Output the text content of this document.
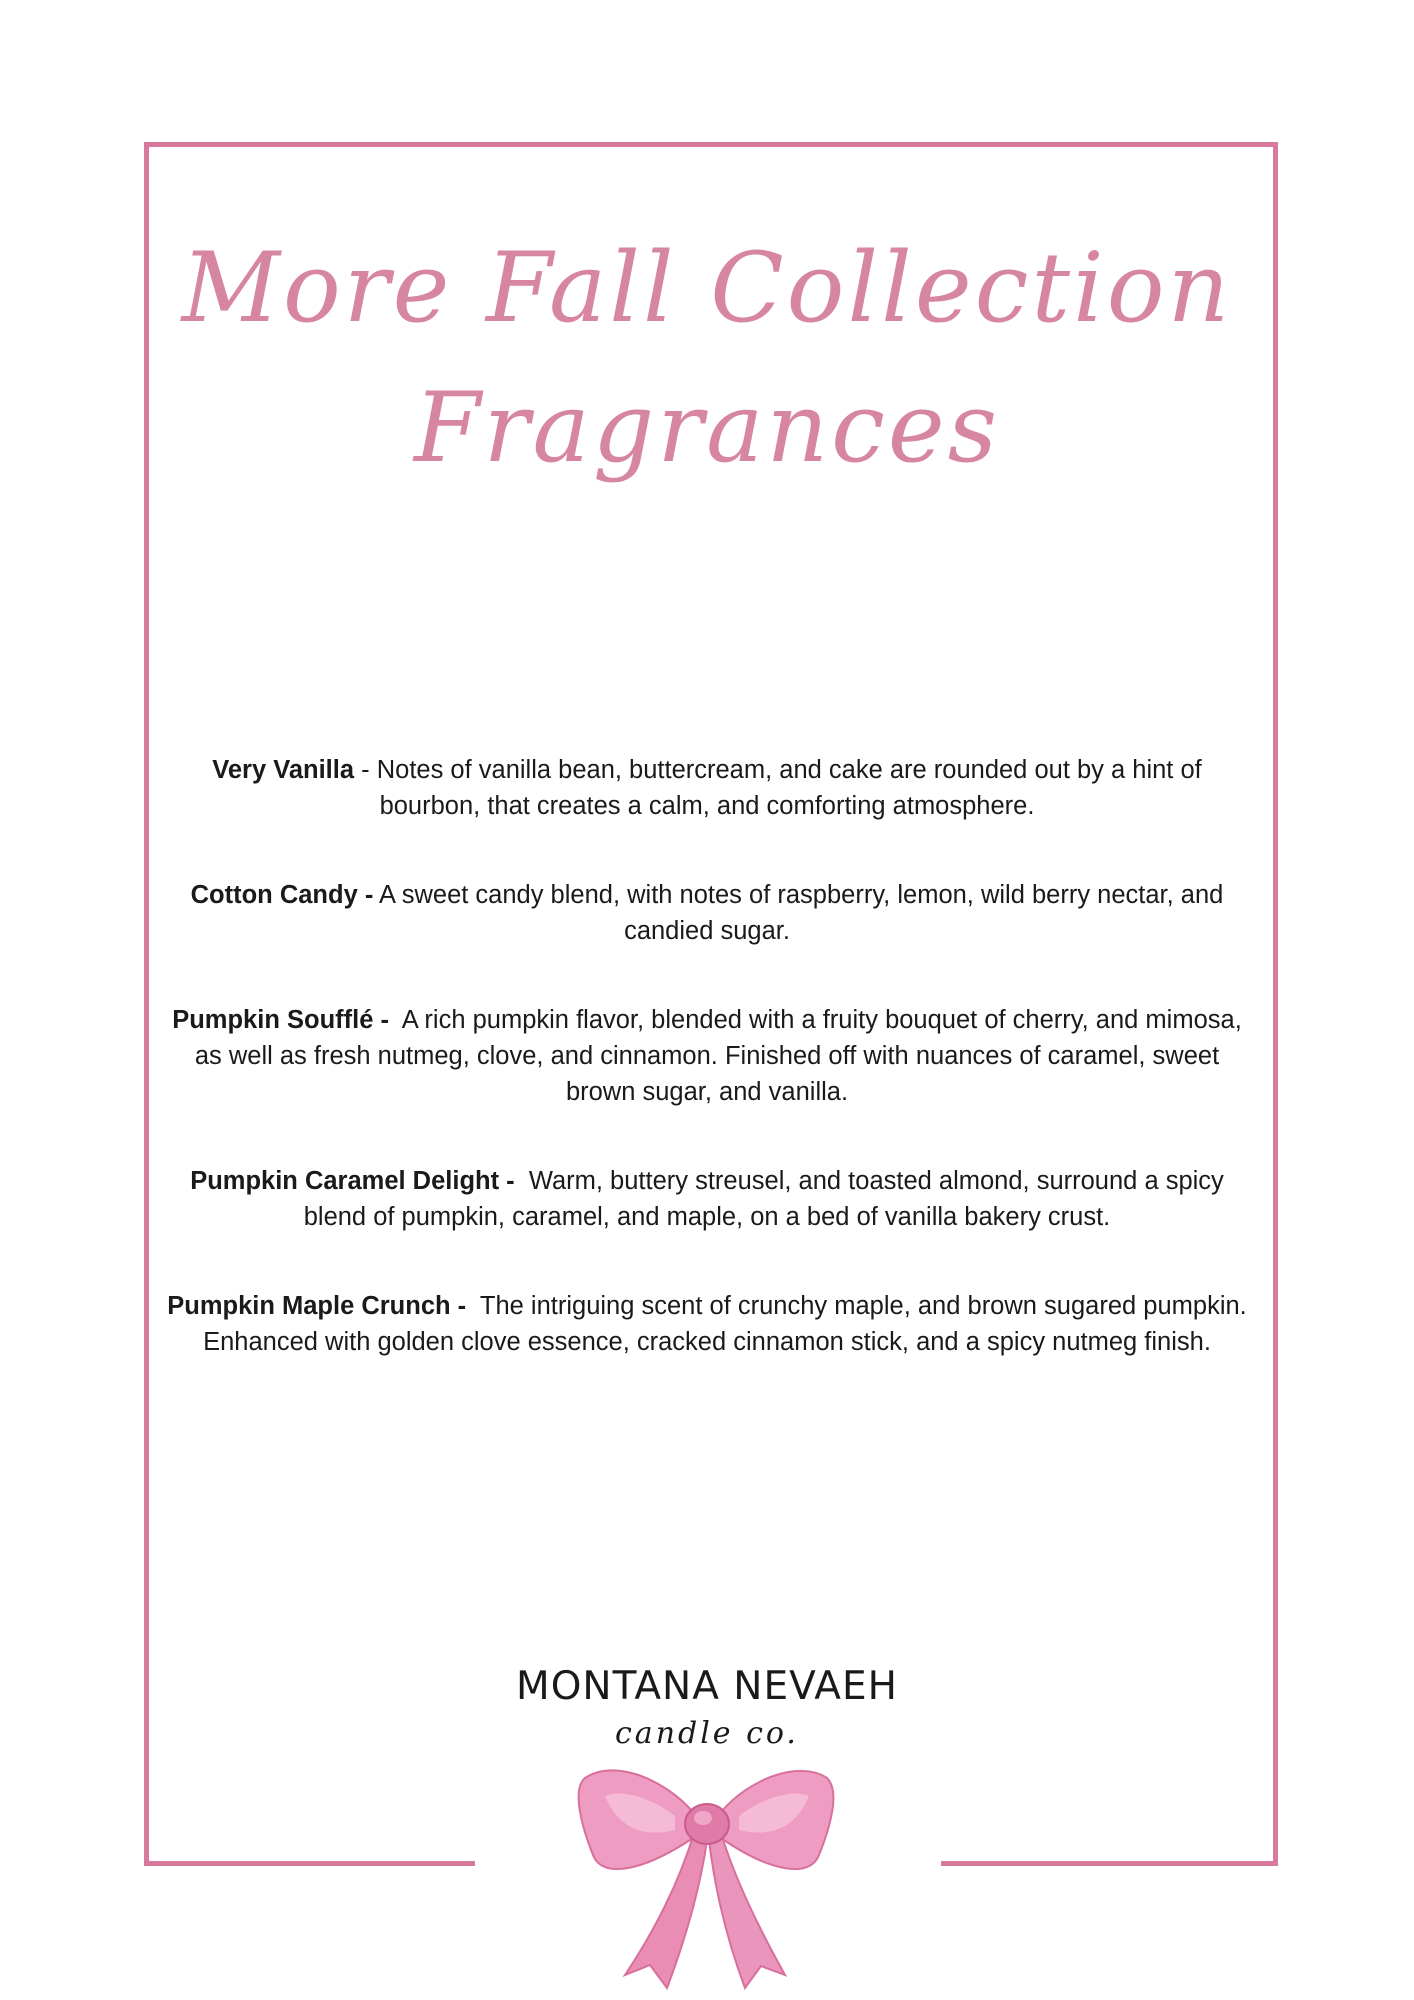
More Fall Collection
Fragrances

Very Vanilla - Notes of vanilla bean, buttercream, and cake are rounded out by a hint of bourbon, that creates a calm, and comforting atmosphere.

Cotton Candy - A sweet candy blend, with notes of raspberry, lemon, wild berry nectar, and candied sugar.

Pumpkin Soufflé - A rich pumpkin flavor, blended with a fruity bouquet of cherry, and mimosa, as well as fresh nutmeg, clove, and cinnamon. Finished off with nuances of caramel, sweet brown sugar, and vanilla.

Pumpkin Caramel Delight - Warm, buttery streusel, and toasted almond, surround a spicy blend of pumpkin, caramel, and maple, on a bed of vanilla bakery crust.

Pumpkin Maple Crunch - The intriguing scent of crunchy maple, and brown sugared pumpkin. Enhanced with golden clove essence, cracked cinnamon stick, and a spicy nutmeg finish.

MONTANA NEVAEH
candle co.
